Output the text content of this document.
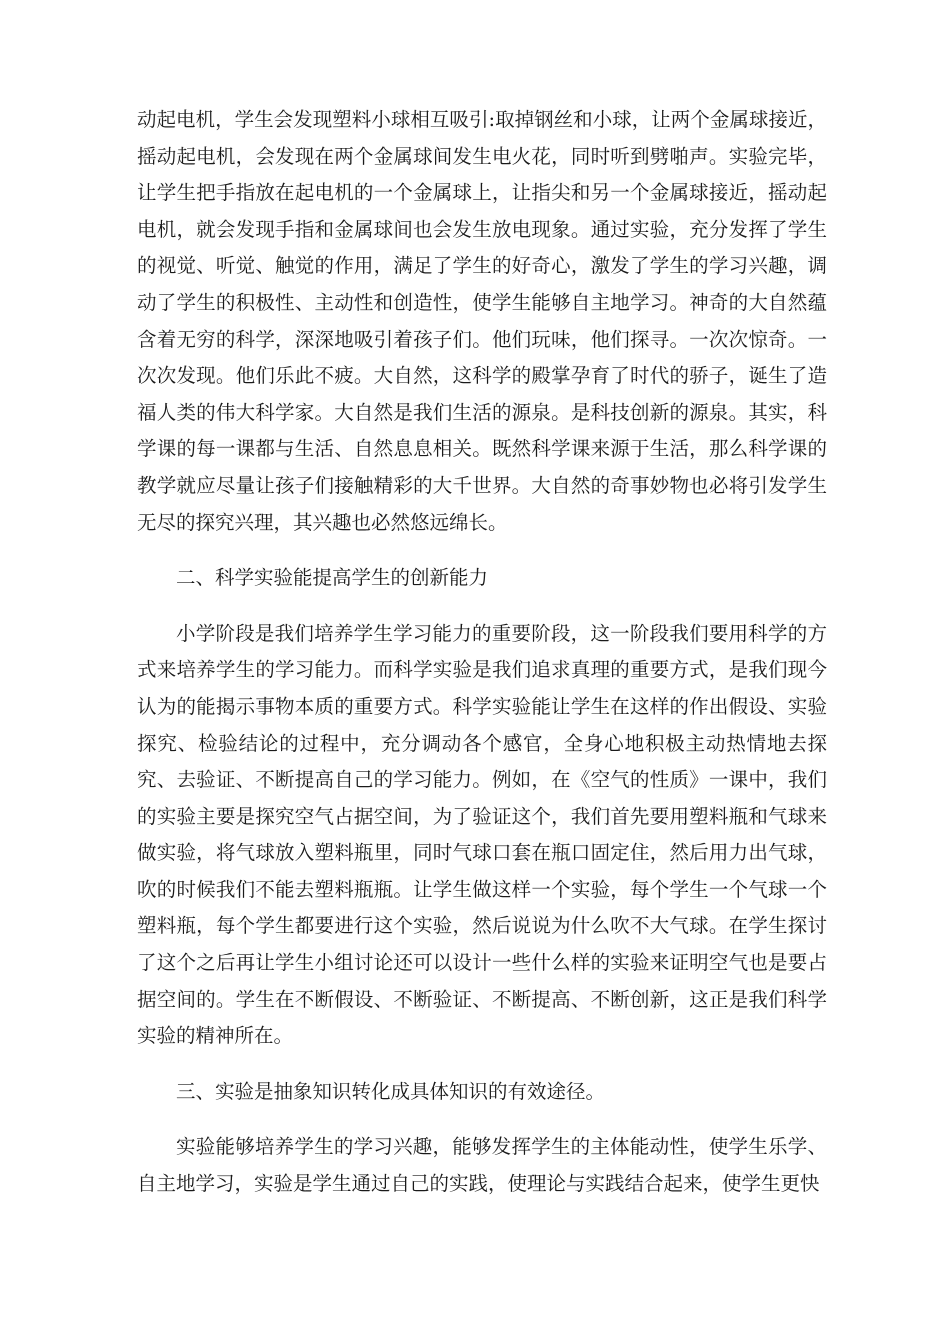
动起电机，学生会发现塑料小球相互吸引:取掉钢丝和小球，让两个金属球接近，摇动起电机，会发现在两个金属球间发生电火花，同时听到劈啪声。实验完毕，让学生把手指放在起电机的一个金属球上，让指尖和另一个金属球接近，摇动起电机，就会发现手指和金属球间也会发生放电现象。通过实验，充分发挥了学生的视觉、听觉、触觉的作用，满足了学生的好奇心，激发了学生的学习兴趣，调动了学生的积极性、主动性和创造性，使学生能够自主地学习。神奇的大自然蕴含着无穷的科学，深深地吸引着孩子们。他们玩味，他们探寻。一次次惊奇。一次次发现。他们乐此不疲。大自然，这科学的殿掌孕育了时代的骄子，诞生了造福人类的伟大科学家。大自然是我们生活的源泉。是科技创新的源泉。其实，科学课的每一课都与生活、自然息息相关。既然科学课来源于生活，那么科学课的教学就应尽量让孩子们接触精彩的大千世界。大自然的奇事妙物也必将引发学生无尽的探究兴理，其兴趣也必然悠远绵长。

二、科学实验能提高学生的创新能力

小学阶段是我们培养学生学习能力的重要阶段，这一阶段我们要用科学的方式来培养学生的学习能力。而科学实验是我们追求真理的重要方式，是我们现今认为的能揭示事物本质的重要方式。科学实验能让学生在这样的作出假设、实验探究、检验结论的过程中，充分调动各个感官，全身心地积极主动热情地去探究、去验证、不断提高自己的学习能力。例如，在《空气的性质》一课中，我们的实验主要是探究空气占据空间，为了验证这个，我们首先要用塑料瓶和气球来做实验，将气球放入塑料瓶里，同时气球口套在瓶口固定住，然后用力出气球，吹的时候我们不能去塑料瓶瓶。让学生做这样一个实验，每个学生一个气球一个塑料瓶，每个学生都要进行这个实验，然后说说为什么吹不大气球。在学生探讨了这个之后再让学生小组讨论还可以设计一些什么样的实验来证明空气也是要占据空间的。学生在不断假设、不断验证、不断提高、不断创新，这正是我们科学实验的精神所在。

三、实验是抽象知识转化成具体知识的有效途径。

实验能够培养学生的学习兴趣，能够发挥学生的主体能动性，使学生乐学、自主地学习，实验是学生通过自己的实践，使理论与实践结合起来，使学生更快
